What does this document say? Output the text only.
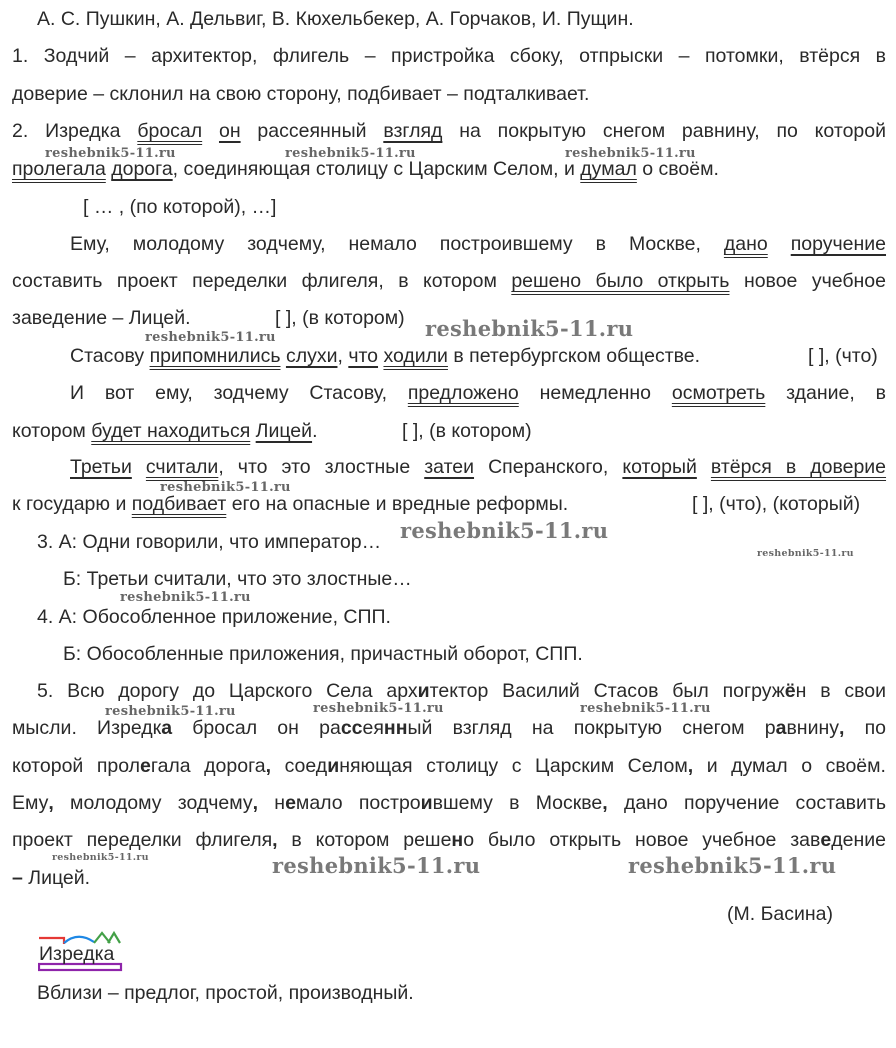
А. С. Пушкин, А. Дельвиг, В. Кюхельбекер, А. Горчаков, И. Пущин.
1. Зодчий – архитектор, флигель – пристройка сбоку, отпрыски – потомки, втёрся в
доверие – склонил на свою сторону, подбивает – подталкивает.
2. Изредка бросал он рассеянный взгляд на покрытую снегом равнину, по которой
пролегала дорога, соединяющая столицу с Царским Селом, и думал о своём.
[ … , (по которой), …]
Ему, молодому зодчему, немало построившему в Москве, дано поручение
составить проект переделки флигеля, в котором решено было открыть новое учебное
заведение – Лицей.	[ ], (в котором)
Стасову припомнились слухи, что ходили в петербургском обществе.	[ ], (что)
И вот ему, зодчему Стасову, предложено немедленно осмотреть здание, в
котором будет находиться Лицей.	[ ], (в котором)
Третьи считали, что это злостные затеи Сперанского, который втёрся в доверие
к государю и подбивает его на опасные и вредные реформы.	[ ], (что), (который)
3. А: Одни говорили, что император…
Б: Третьи считали, что это злостные…
4. А: Обособленное приложение, СПП.
Б: Обособленные приложения, причастный оборот, СПП.
5. Всю дорогу до Царского Села архитектор Василий Стасов был погружён в свои
мысли. Изредка бросал он рассеянный взгляд на покрытую снегом равнину, по
которой пролегала дорога, соединяющая столицу с Царским Селом, и думал о своём.
Ему, молодому зодчему, немало построившему в Москве, дано поручение составить
проект переделки флигеля, в котором решено было открыть новое учебное заведение
– Лицей.
(М. Басина)
Изредка
Вблизи – предлог, простой, производный.
reshebnik5-11.ru	reshebnik5-11.ru	reshebnik5-11.ru
reshebnik5-11.ru	reshebnik5-11.ru
reshebnik5-11.ru
reshebnik5-11.ru
reshebnik5-11.ru
reshebnik5-11.ru
reshebnik5-11.ru	reshebnik5-11.ru	reshebnik5-11.ru
reshebnik5-11.ru	reshebnik5-11.ru	reshebnik5-11.ru
